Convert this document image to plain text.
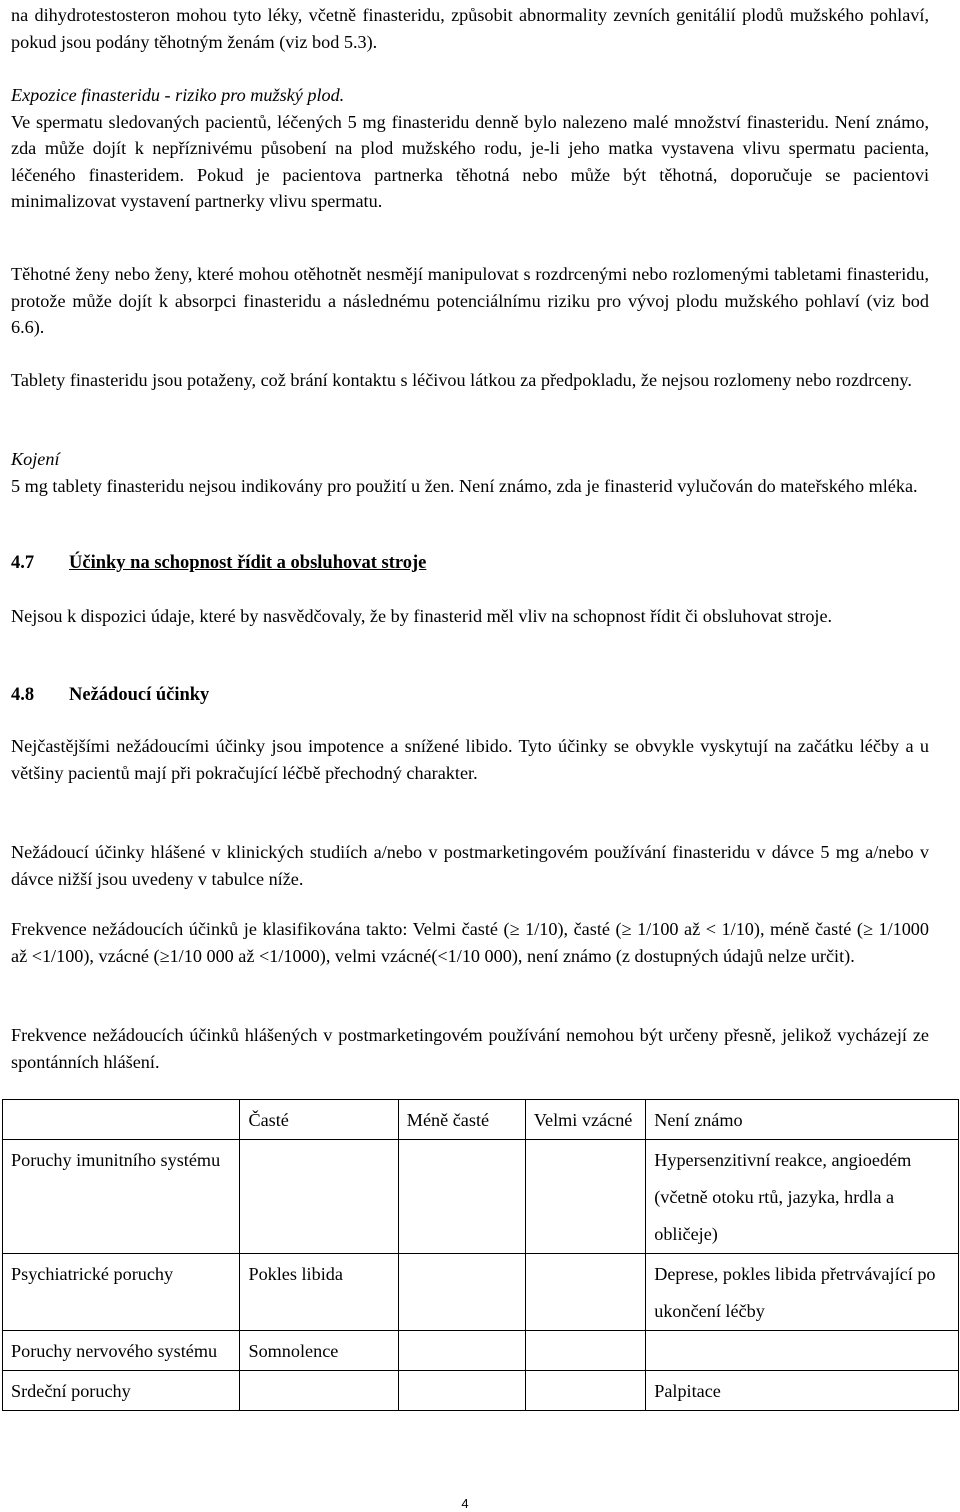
na dihydrotestosteron mohou tyto léky, včetně finasteridu, způsobit abnormality zevních genitálií plodů mužského pohlaví, pokud jsou podány těhotným ženám (viz bod 5.3).

Expozice finasteridu - riziko pro mužský plod.
Ve spermatu sledovaných pacientů, léčených 5 mg finasteridu denně bylo nalezeno malé množství finasteridu. Není známo, zda může dojít k nepříznivému působení na plod mužského rodu, je-li jeho matka vystavena vlivu spermatu pacienta, léčeného finasteridem. Pokud je pacientova partnerka těhotná nebo může být těhotná, doporučuje se pacientovi minimalizovat vystavení partnerky vlivu spermatu.

Těhotné ženy nebo ženy, které mohou otěhotnět nesmějí manipulovat s rozdrcenými nebo rozlomenými tabletami finasteridu, protože může dojít k absorpci finasteridu a následnému potenciálnímu riziku pro vývoj plodu mužského pohlaví (viz bod 6.6).

Tablety finasteridu jsou potaženy, což brání kontaktu s léčivou látkou za předpokladu, že nejsou rozlomeny nebo rozdrceny.

Kojení
5 mg tablety finasteridu nejsou indikovány pro použití u žen. Není známo, zda je finasterid vylučován do mateřského mléka.
4.7 Účinky na schopnost řídit a obsluhovat stroje

Nejsou k dispozici údaje, které by nasvědčovaly, že by finasterid měl vliv na schopnost řídit či obsluhovat stroje.

4.8 Nežádoucí účinky

Nejčastějšími nežádoucími účinky jsou impotence a snížené libido. Tyto účinky se obvykle vyskytují na začátku léčby a u většiny pacientů mají při pokračující léčbě přechodný charakter.

Nežádoucí účinky hlášené v klinických studiích a/nebo v postmarketingovém používání finasteridu v dávce 5 mg a/nebo v dávce nižší jsou uvedeny v tabulce níže.

Frekvence nežádoucích účinků je klasifikována takto: Velmi časté (≥ 1/10), časté (≥ 1/100 až < 1/10), méně časté (≥ 1/1000 až <1/100), vzácné (≥1/10 000 až <1/1000), velmi vzácné(<1/10 000), není známo (z dostupných údajů nelze určit).

Frekvence nežádoucích účinků hlášených v postmarketingovém používání nemohou být určeny přesně, jelikož vycházejí ze spontánních hlášení.

	Časté	Méně časté	Velmi vzácné	Není známo
Poruchy imunitního systému				Hypersenzitivní reakce, angioedém (včetně otoku rtů, jazyka, hrdla a obličeje)
Psychiatrické poruchy	Pokles libida			Deprese, pokles libida přetrvávající po ukončení léčby
Poruchy nervového systému	Somnolence			
Srdeční poruchy				Palpitace
4
